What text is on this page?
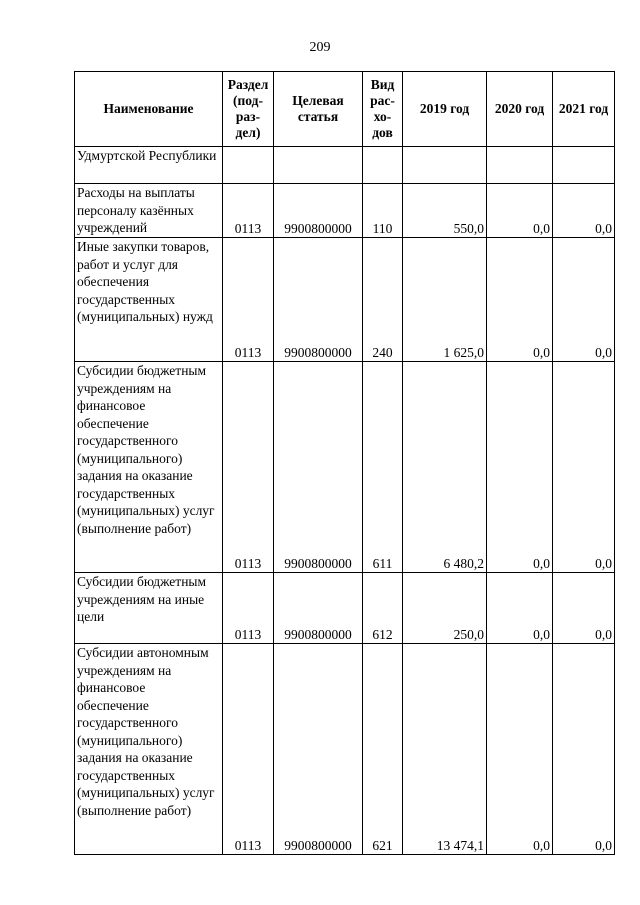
209
Наименование	Раздел (под-раз-дел)	Целевая статья	Вид рас-хо-дов	2019 год	2020 год	2021 год
Удмуртской Республики						
Расходы на выплаты персоналу казённых учреждений	0113	9900800000	110	550,0	0,0	0,0
Иные закупки товаров, работ и услуг для обеспечения государственных (муниципальных) нужд	0113	9900800000	240	1 625,0	0,0	0,0
Субсидии бюджетным учреждениям на финансовое обеспечение государственного (муниципального) задания на оказание государственных (муниципальных) услуг (выполнение работ)	0113	9900800000	611	6 480,2	0,0	0,0
Субсидии бюджетным учреждениям на иные цели	0113	9900800000	612	250,0	0,0	0,0
Субсидии автономным учреждениям на финансовое обеспечение государственного (муниципального) задания на оказание государственных (муниципальных) услуг (выполнение работ)	0113	9900800000	621	13 474,1	0,0	0,0
